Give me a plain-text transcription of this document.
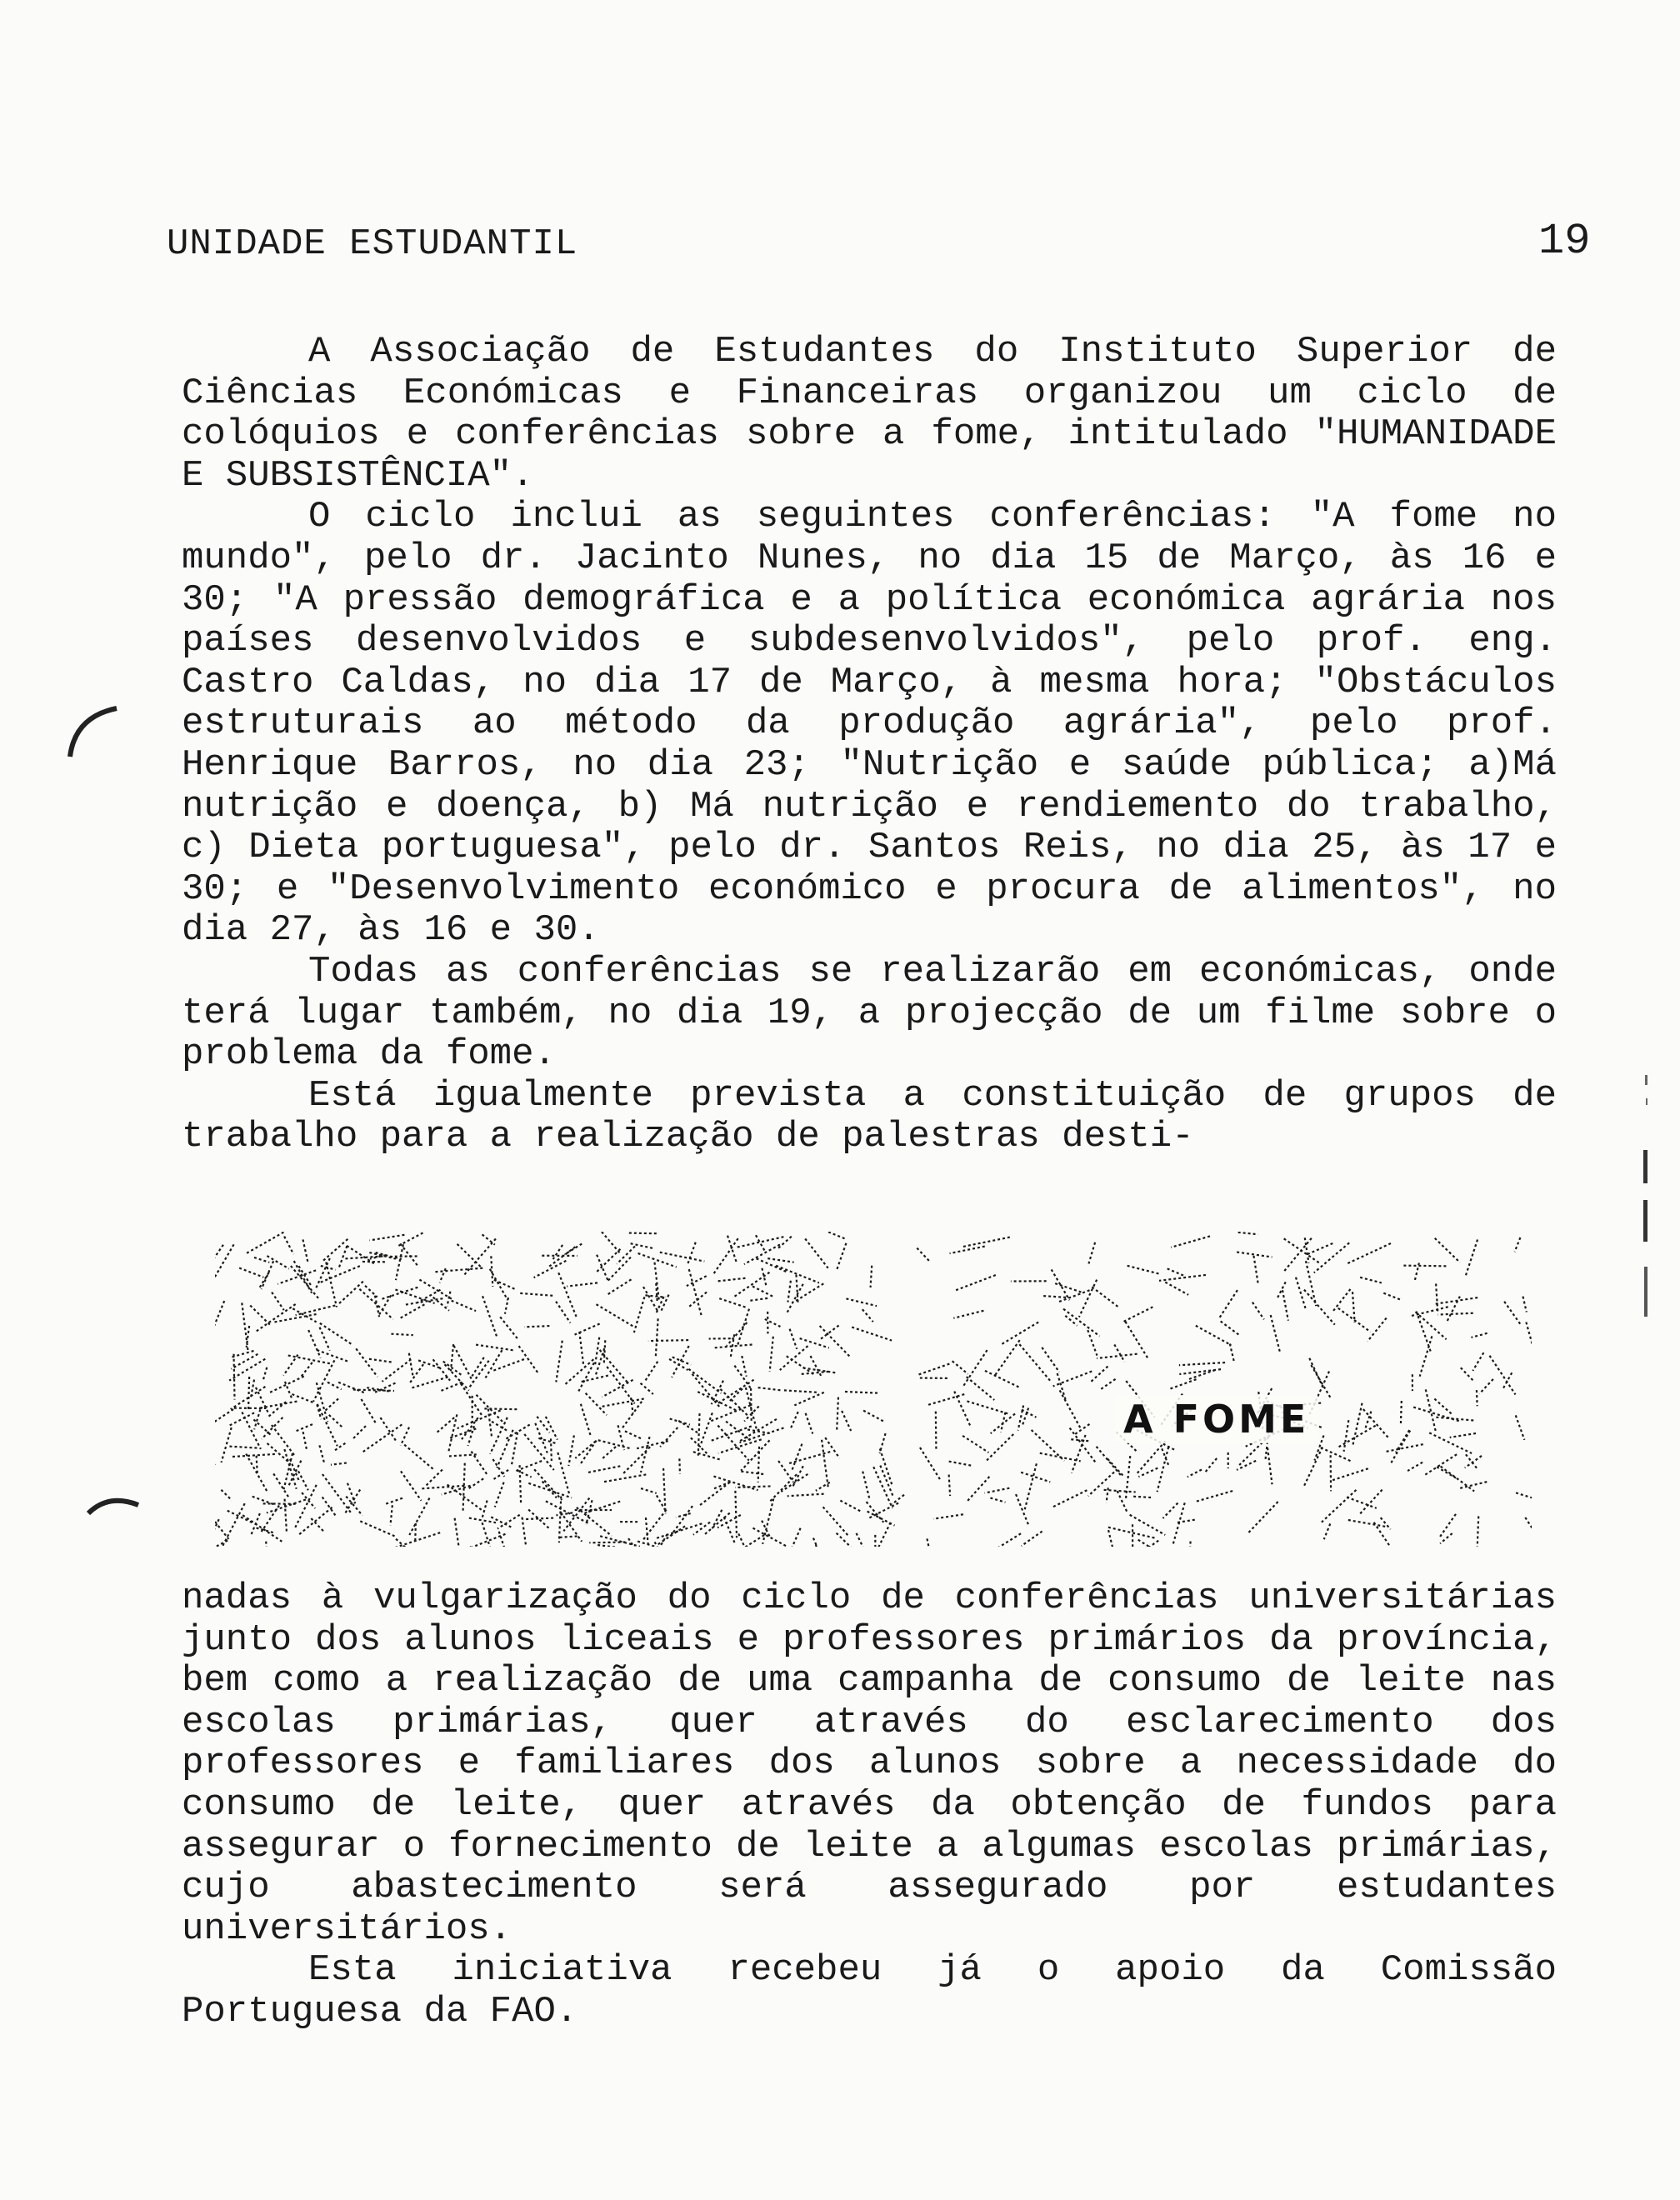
UNIDADE ESTUDANTIL	19

A Associação de Estudantes do Instituto Superior de Ciências Económicas e Financeiras organizou um ciclo de colóquios e conferências sobre a fome, intitulado "HUMANIDADE E SUBSISTÊNCIA".

O ciclo inclui as seguintes conferências: "A fome no mundo", pelo dr. Jacinto Nunes, no dia 15 de Março, às 16 e 30; "A pressão demográfica e a política económica agrária nos países desenvolvidos e subdesenvolvidos", pelo prof. eng. Castro Caldas, no dia 17 de Março, à mesma hora; "Obstáculos estruturais ao método da produção agrária", pelo prof. Henrique Barros, no dia 23; "Nutrição e saúde pública; a)Má nutrição e doença, b) Má nutrição e rendiemento do trabalho, c) Dieta portuguesa", pelo dr. Santos Reis, no dia 25, às 17 e 30; e "Desenvolvimento económico e procura de alimentos", no dia 27, às 16 e 30.

Todas as conferências se realizarão em económicas, onde terá lugar também, no dia 19, a projecção de um filme sobre o problema da fome.

Está igualmente prevista a constituição de grupos de trabalho para a realização de palestras desti-

A FOME

nadas à vulgarização do ciclo de conferências universitárias junto dos alunos liceais e professores primários da província, bem como a realização de uma campanha de consumo de leite nas escolas primárias, quer através do esclarecimento dos professores e familiares dos alunos sobre a necessidade do consumo de leite, quer através da obtenção de fundos para assegurar o fornecimento de leite a algumas escolas primárias, cujo abastecimento será assegurado por estudantes universitários.

Esta iniciativa recebeu já o apoio da Comissão Portuguesa da FAO.
